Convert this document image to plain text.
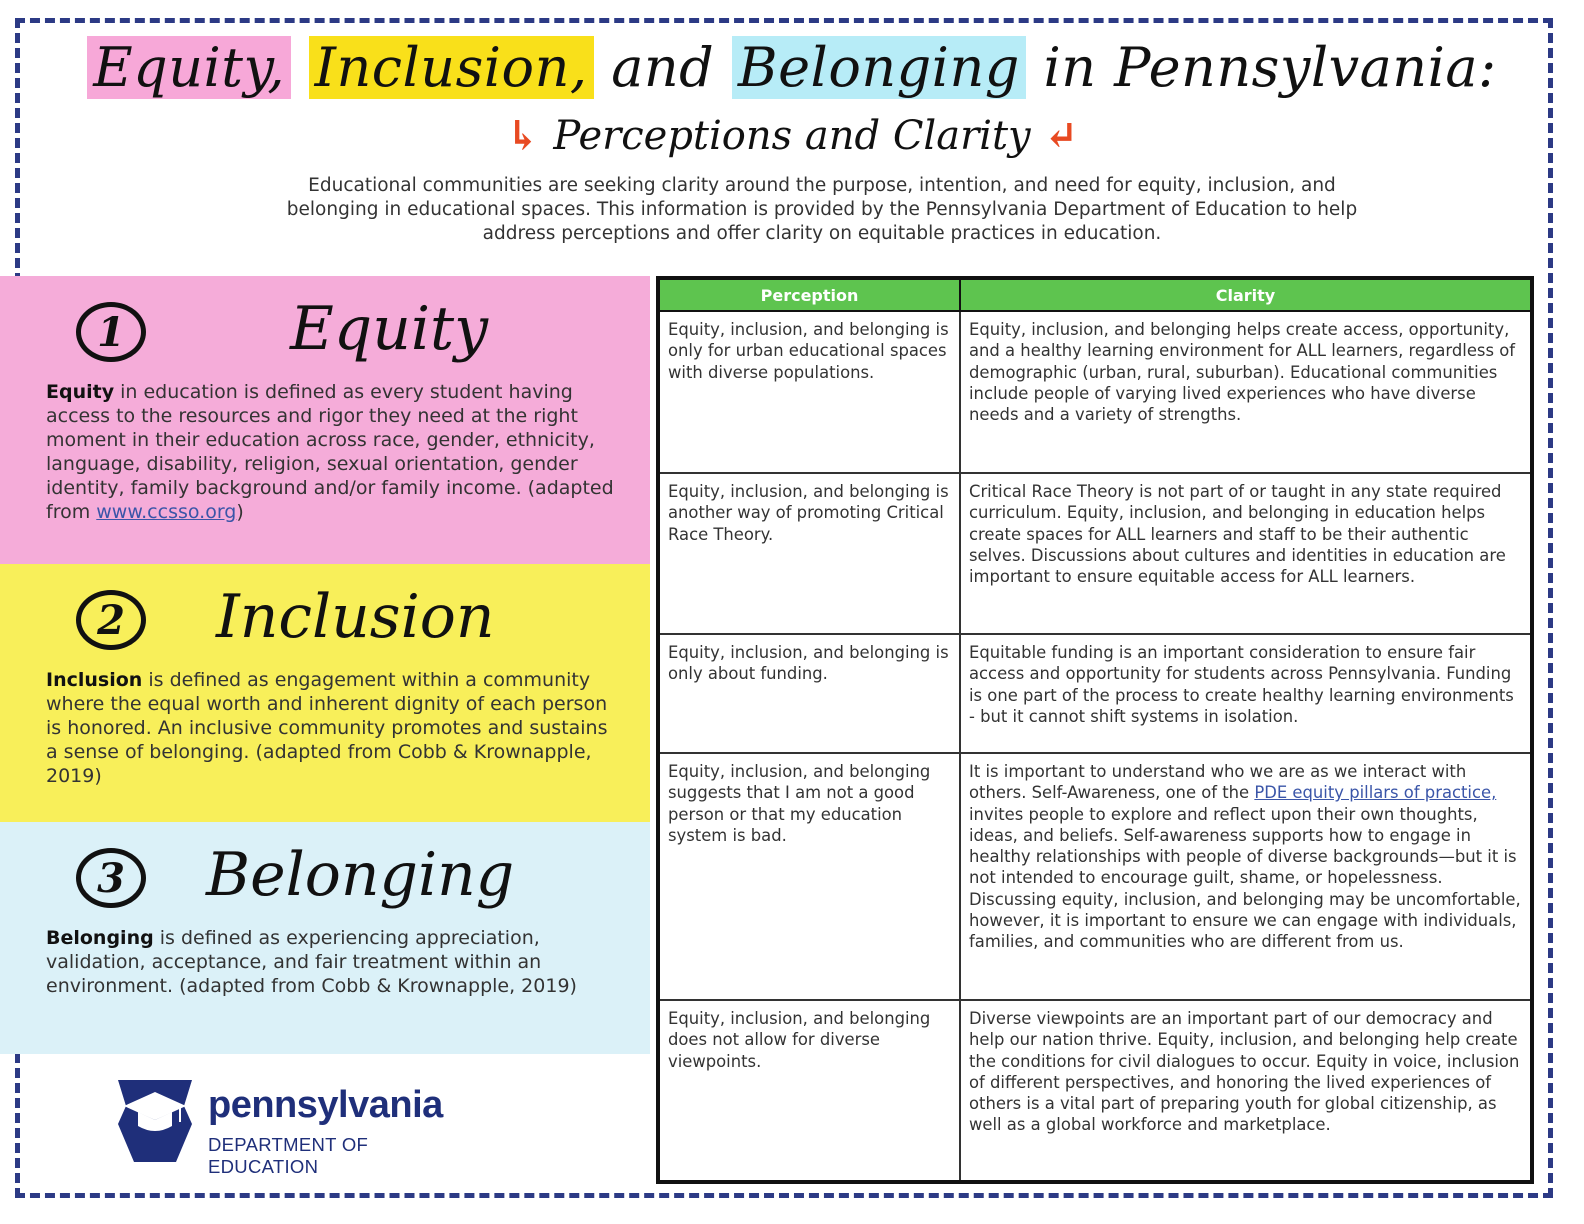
Equity, Inclusion, and Belonging in Pennsylvania:
↳ Perceptions and Clarity ↵
Educational communities are seeking clarity around the purpose, intention, and need for equity, inclusion, and belonging in educational spaces. This information is provided by the Pennsylvania Department of Education to help address perceptions and offer clarity on equitable practices in education.
1	Equity
Equity in education is defined as every student having access to the resources and rigor they need at the right moment in their education across race, gender, ethnicity, language, disability, religion, sexual orientation, gender identity, family background and/or family income. (adapted from www.ccsso.org)
2	Inclusion
Inclusion is defined as engagement within a community where the equal worth and inherent dignity of each person is honored. An inclusive community promotes and sustains a sense of belonging. (adapted from Cobb & Krownapple, 2019)
3	Belonging
Belonging is defined as experiencing appreciation, validation, acceptance, and fair treatment within an environment. (adapted from Cobb & Krownapple, 2019)
pennsylvania
DEPARTMENT OF EDUCATION
Perception	Clarity
Equity, inclusion, and belonging is only for urban educational spaces with diverse populations.	Equity, inclusion, and belonging helps create access, opportunity, and a healthy learning environment for ALL learners, regardless of demographic (urban, rural, suburban). Educational communities include people of varying lived experiences who have diverse needs and a variety of strengths.
Equity, inclusion, and belonging is another way of promoting Critical Race Theory.	Critical Race Theory is not part of or taught in any state required curriculum. Equity, inclusion, and belonging in education helps create spaces for ALL learners and staff to be their authentic selves. Discussions about cultures and identities in education are important to ensure equitable access for ALL learners.
Equity, inclusion, and belonging is only about funding.	Equitable funding is an important consideration to ensure fair access and opportunity for students across Pennsylvania. Funding is one part of the process to create healthy learning environments - but it cannot shift systems in isolation.
Equity, inclusion, and belonging suggests that I am not a good person or that my education system is bad.	It is important to understand who we are as we interact with others. Self-Awareness, one of the PDE equity pillars of practice, invites people to explore and reflect upon their own thoughts, ideas, and beliefs. Self-awareness supports how to engage in healthy relationships with people of diverse backgrounds—but it is not intended to encourage guilt, shame, or hopelessness. Discussing equity, inclusion, and belonging may be uncomfortable, however, it is important to ensure we can engage with individuals, families, and communities who are different from us.
Equity, inclusion, and belonging does not allow for diverse viewpoints.	Diverse viewpoints are an important part of our democracy and help our nation thrive. Equity, inclusion, and belonging help create the conditions for civil dialogues to occur. Equity in voice, inclusion of different perspectives, and honoring the lived experiences of others is a vital part of preparing youth for global citizenship, as well as a global workforce and marketplace.
